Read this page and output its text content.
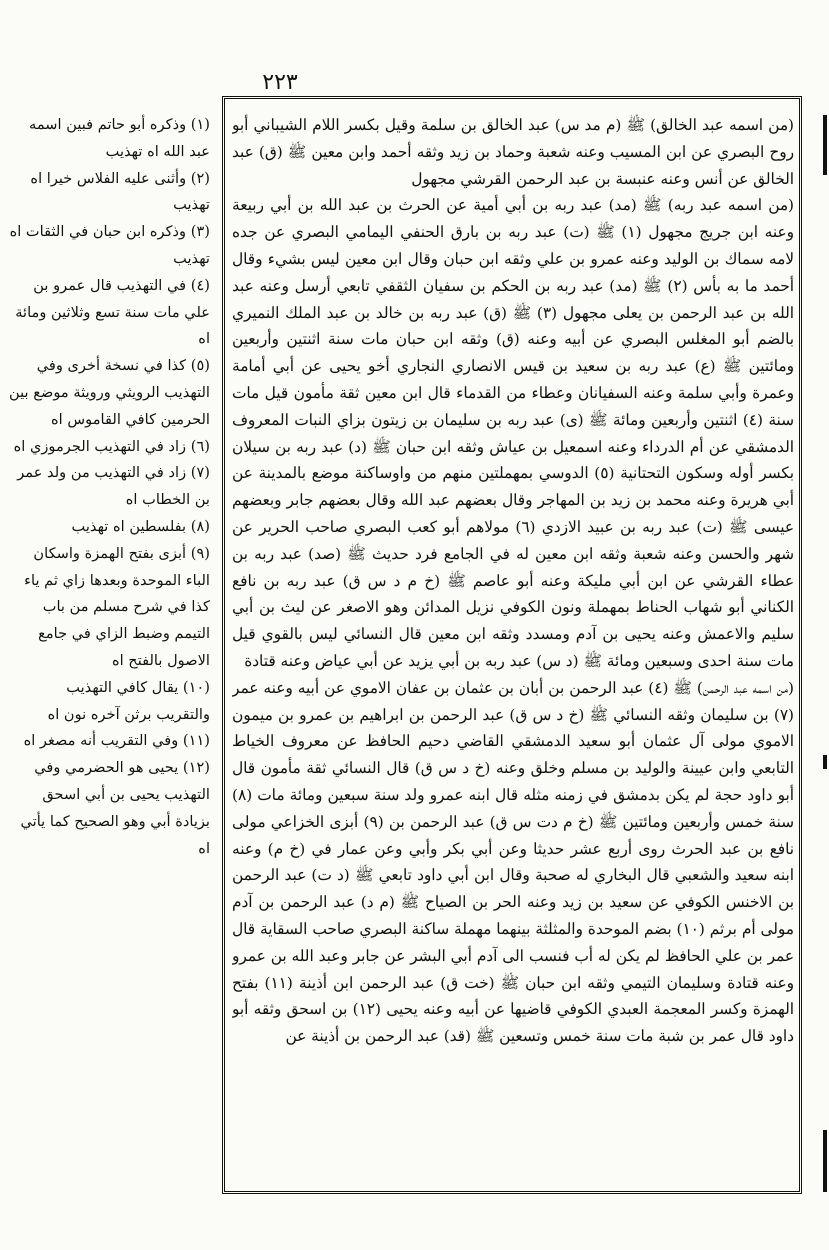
۲۲۳

(من اسمه عبد الخالق) ﷺ (م مد س) عبد الخالق بن سلمة وقيل بكسر اللام الشيباني أبو روح البصري عن ابن المسيب وعنه شعبة وحماد بن زيد وثقه أحمد وابن معين ﷺ (ق) عبد الخالق عن أنس وعنه عنبسة بن عبد الرحمن القرشي مجهول

(من اسمه عبد ربه) ﷺ (مد) عبد ربه بن أبي أمية عن الحرث بن عبد الله بن أبي ربيعة وعنه ابن جريج مجهول (١) ﷺ (ت) عبد ربه بن بارق الحنفي اليمامي البصري عن جده لامه سماك بن الوليد وعنه عمرو بن علي وثقه ابن حبان وقال ابن معين ليس بشيء وقال أحمد ما به بأس (٢) ﷺ (مد) عبد ربه بن الحكم بن سفيان الثقفي تابعي أرسل وعنه عبد الله بن عبد الرحمن بن يعلى مجهول (٣) ﷺ (ق) عبد ربه بن خالد بن عبد الملك النميري بالضم أبو المغلس البصري عن أبيه وعنه (ق) وثقه ابن حبان مات سنة اثنتين وأربعين ومائتين ﷺ (ع) عبد ربه بن سعيد بن قيس الانصاري النجاري أخو يحيى عن أبي أمامة وعمرة وأبي سلمة وعنه السفيانان وعطاء من القدماء قال ابن معين ثقة مأمون قيل مات سنة (٤) اثنتين وأربعين ومائة ﷺ (ى) عبد ربه بن سليمان بن زيتون بزاي النبات المعروف الدمشقي عن أم الدرداء وعنه اسمعيل بن عياش وثقه ابن حبان ﷺ (د) عبد ربه بن سيلان بكسر أوله وسكون التحتانية (٥) الدوسي بمهملتين منهم من واوساكنة موضع بالمدينة عن أبي هريرة وعنه محمد بن زيد بن المهاجر وقال بعضهم عبد الله وقال بعضهم جابر وبعضهم عيسى ﷺ (ت) عبد ربه بن عبيد الازدي (٦) مولاهم أبو كعب البصري صاحب الحرير عن شهر والحسن وعنه شعبة وثقه ابن معين له في الجامع فرد حديث ﷺ (صد) عبد ربه بن عطاء القرشي عن ابن أبي مليكة وعنه أبو عاصم ﷺ (خ م د س ق) عبد ربه بن نافع الكناني أبو شهاب الحناط بمهملة ونون الكوفي نزيل المدائن وهو الاصغر عن ليث بن أبي سليم والاعمش وعنه يحيى بن آدم ومسدد وثقه ابن معين قال النسائي ليس بالقوي قيل مات سنة احدى وسبعين ومائة ﷺ (د س) عبد ربه بن أبي يزيد عن أبي عياض وعنه قتادة

(من اسمه عبد الرحمن) ﷺ (٤) عبد الرحمن بن أبان بن عثمان بن عفان الاموي عن أبيه وعنه عمر (٧) بن سليمان وثقه النسائي ﷺ (خ د س ق) عبد الرحمن بن ابراهيم بن عمرو بن ميمون الاموي مولى آل عثمان أبو سعيد الدمشقي القاضي دحيم الحافظ عن معروف الخياط التابعي وابن عيينة والوليد بن مسلم وخلق وعنه (خ د س ق) قال النسائي ثقة مأمون قال أبو داود حجة لم يكن بدمشق في زمنه مثله قال ابنه عمرو ولد سنة سبعين ومائة مات (٨) سنة خمس وأربعين ومائتين ﷺ (خ م دت س ق) عبد الرحمن بن (٩) أبزى الخزاعي مولى نافع بن عبد الحرث روى أربع عشر حديثا وعن أبي بكر وأبي وعن عمار في (خ م) وعنه ابنه سعيد والشعبي قال البخاري له صحبة وقال ابن أبي داود تابعي ﷺ (د ت) عبد الرحمن بن الاخنس الكوفي عن سعيد بن زيد وعنه الحر بن الصياح ﷺ (م د) عبد الرحمن بن آدم مولى أم برثم (١٠) بضم الموحدة والمثلثة بينهما مهملة ساكنة البصري صاحب السقاية قال عمر بن علي الحافظ لم يكن له أب فنسب الى آدم أبي البشر عن جابر وعبد الله بن عمرو وعنه قتادة وسليمان التيمي وثقه ابن حبان ﷺ (خت ق) عبد الرحمن ابن أذينة (١١) بفتح الهمزة وكسر المعجمة العبدي الكوفي قاضيها عن أبيه وعنه يحيى (١٢) بن اسحق وثقه أبو داود قال عمر بن شبة مات سنة خمس وتسعين ﷺ (قد) عبد الرحمن بن أذينة عن

(١) وذكره أبو حاتم فبين اسمه عبد الله اه تهذيب

(٢) وأثنى عليه الفلاس خيرا اه تهذيب

(٣) وذكره ابن حبان في الثقات اه تهذيب

(٤) في التهذيب قال عمرو بن علي مات سنة تسع وثلاثين ومائة اه

(٥) كذا في نسخة أخرى وفي التهذيب الرويثي ورويثة موضع بين الحرمين كافي القاموس اه

(٦) زاد في التهذيب الجرموزي اه

(٧) زاد في التهذيب من ولد عمر بن الخطاب اه

(٨) بفلسطين اه تهذيب

(٩) أبزى بفتح الهمزة واسكان الباء الموحدة وبعدها زاي ثم ياء كذا في شرح مسلم من باب التيمم وضبط الزاي في جامع الاصول بالفتح اه

(١٠) يقال كافي التهذيب والتقريب برثن آخره نون اه

(١١) وفي التقريب أنه مصغر اه

(١٢) يحيى هو الحضرمي وفي التهذيب يحيى بن أبي اسحق بزيادة أبي وهو الصحيح كما يأتي اه
